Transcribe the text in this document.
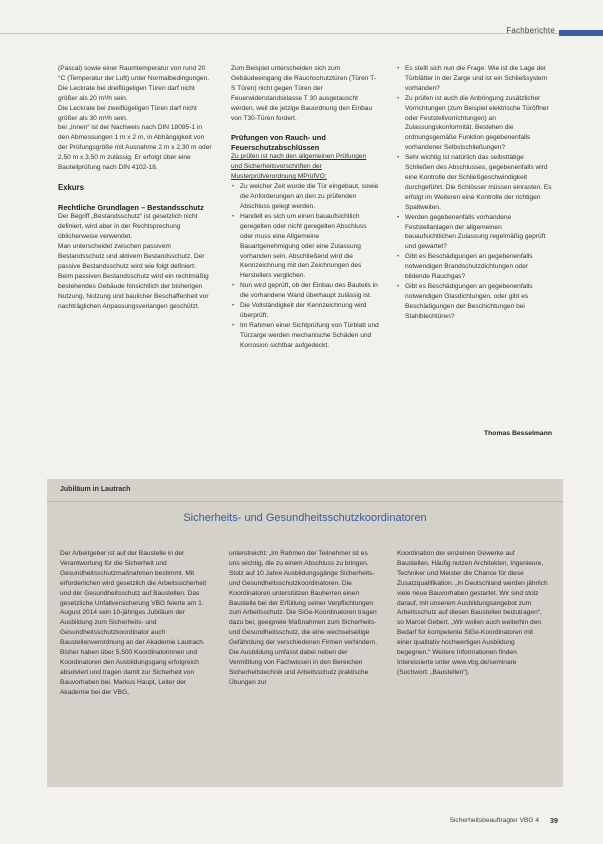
Fachberichte

(Pascal) sowie einer Raumtemperatur von rund 20 °C (Temperatur der Luft) unter Normalbedingungen.

Die Leckrate bei dreiflügeligen Türen darf nicht größer als 20 m³/h sein.

Die Leckrate bei zweiflügeligen Türen darf nicht größer als 30 m³/h sein.

bei „Innen“ ist der Nachweis nach DIN 18095-1 in den Abmessungen 1 m x 2 m, in Abhängigkeit von der Prüfungsgröße mit Ausnahme 2 m x 2,30 m oder 2,50 m x 3,50 m zulässig. Er erfolgt über eine Bauteilprüfung nach DIN 4102-18.

Exkurs
Rechtliche Grundlagen – Bestandsschutz

Der Begriff „Bestandsschutz“ ist gesetzlich nicht definiert, wird aber in der Rechtsprechung üblicherweise verwendet.

Man unterscheidet zwischen passivem Bestandsschutz und aktivem Bestandsschutz. Der passive Bestandsschutz wird wie folgt definiert:

Beim passiven Bestandsschutz wird ein rechtmäßig bestehendes Gebäude hinsichtlich der bisherigen Nutzung, Nutzung und baulicher Beschaffenheit vor nachträglichen Anpassungsverlangen geschützt.

Zum Beispiel unterscheiden sich zum Gebäudeeingang die Rauchschutztüren (Türen T-S Türen) nicht gegen Türen der Feuerwiderstandsklasse T 30 ausgetauscht werden, weil die jetzige Bauordnung den Einbau von T30-Türen fordert.

Prüfungen von Rauch- und Feuerschutzabschlüssen

Zu prüfen ist nach den allgemeinen Prüfungen und Sicherheitsvorschriften der Musterprüfverordnung MPrüfVO:

• Zu welcher Zeit wurde die Tür eingebaut, sowie die Anforderungen an den zu prüfenden Abschluss gelegt werden.
• Handelt es sich um einen bauaufsichtlich geregelten oder nicht geregelten Abschluss oder muss eine Allgemeine Bauartgenehmigung oder eine Zulassung vorhanden sein. Abschließend wird die Kennzeichnung mit den Zeichnungen des Herstellers verglichen.
• Nun wird geprüft, ob der Einbau des Bauteils in die vorhandene Wand überhaupt zulässig ist.
• Die Vollständigkeit der Kennzeichnung wird überprüft.
• Im Rahmen einer Sichtprüfung von Türblatt und Türzarge werden mechanische Schäden und Korrosion sichtbar aufgedeckt.
• Es stellt sich nun die Frage: Wie ist die Lage der Türblätter in der Zarge und ist ein Schließsystem vorhanden?
• Zu prüfen ist auch die Anbringung zusätzlicher Vorrichtungen (zum Beispiel elektrische Türöffner oder Feststellvorrichtungen) an Zulassungskonformität. Bestehen die ordnungsgemäße Funktion gegebenenfalls vorhandener Selbstschließungen?
• Sehr wichtig ist natürlich das selbsttätige Schließen des Abschlusses, gegebenenfalls wird eine Kontrolle der Schließgeschwindigkeit durchgeführt. Die Schlösser müssen einrasten. Es erfolgt im Weiteren eine Kontrolle der richtigen Spaltweiten.
• Werden gegebenenfalls vorhandene Feststellanlagen der allgemeinen bauaufsichtlichen Zulassung regelmäßig geprüft und gewartet?
• Gibt es Beschädigungen an gegebenenfalls notwendigen Brandschutzdichtungen oder bildende Rauchgas?
• Gibt es Beschädigungen an gegebenenfalls notwendigen Glasdichtungen, oder gibt es Beschädigungen der Beschichtungen bei Stahlblechtüren?
Thomas Besselmann
Jubiläum in Lautrach
Sicherheits- und Gesundheitsschutzkoordinatoren

Der Arbeitgeber ist auf der Baustelle in der Verantwortung für die Sicherheit und Gesundheitsschutzmaßnahmen bestimmt. Mit erforderlichen wird gesetzlich die Arbeitssicherheit und der Gesundheitsschutz auf Baustellen. Das gesetzliche Unfallversicherung VBG feierte am 1. August 2014 sein 10-jähriges Jubiläum der Ausbildung zum Sicherheits- und Gesundheitsschutzkoordinator auch Baustellenverordnung an der Akademie Lautrach. Bisher haben über 5.500 Koordinatorinnen und Koordinatoren den Ausbildungsgang erfolgreich absolviert und tragen damit zur Sicherheit von Bauvorhaben bei. Markus Haupt, Leiter der Akademie bei der VBG,

unterstreicht: „Im Rahmen der Teilnehmer ist es uns wichtig, die zu einem Abschluss zu bringen. Stolz auf 10 Jahre Ausbildungsgänge Sicherheits- und Gesundheitsschutzkoordinatoren. Die Koordinatoren unterstützen Bauherren einen Baustelle bei der Erfüllung seiner Verpflichtungen zum Arbeitsschutz. Die SiGe-Koordinatoren tragen dazu bei, geeignete Maßnahmen zum Sicherheits- und Gesundheitsschutz, die eine wechselseitige Gefährdung der verschiedenen Firmen verhindern. Die Ausbildung umfasst dabei neben der Vermittlung von Fachwissen in den Bereichen Sicherheitstechnik und Arbeitsschutz praktische Übungen zur

Koordination der einzelnen Gewerke auf Baustellen. Häufig nutzen Architekten, Ingenieure, Techniker und Meister die Chance für diese Zusatzqualifikation. „In Deutschland werden jährlich viele neue Bauvorhaben gestartet. Wir sind stolz darauf, mit unserem Ausbildungsangebot zum Arbeitsschutz auf diesen Baustellen beizutragen“, so Marcel Gebert. „Wir wollen auch weiterhin den Bedarf für kompetente SiGe-Koordinatoren mit einer qualitativ hochwertigen Ausbildung begegnen.“ Weitere Informationen finden Interessierte unter www.vbg.de/seminare (Suchwort: „Baustellen“).

Sicherheitsbeauftragter VBG 4 39
